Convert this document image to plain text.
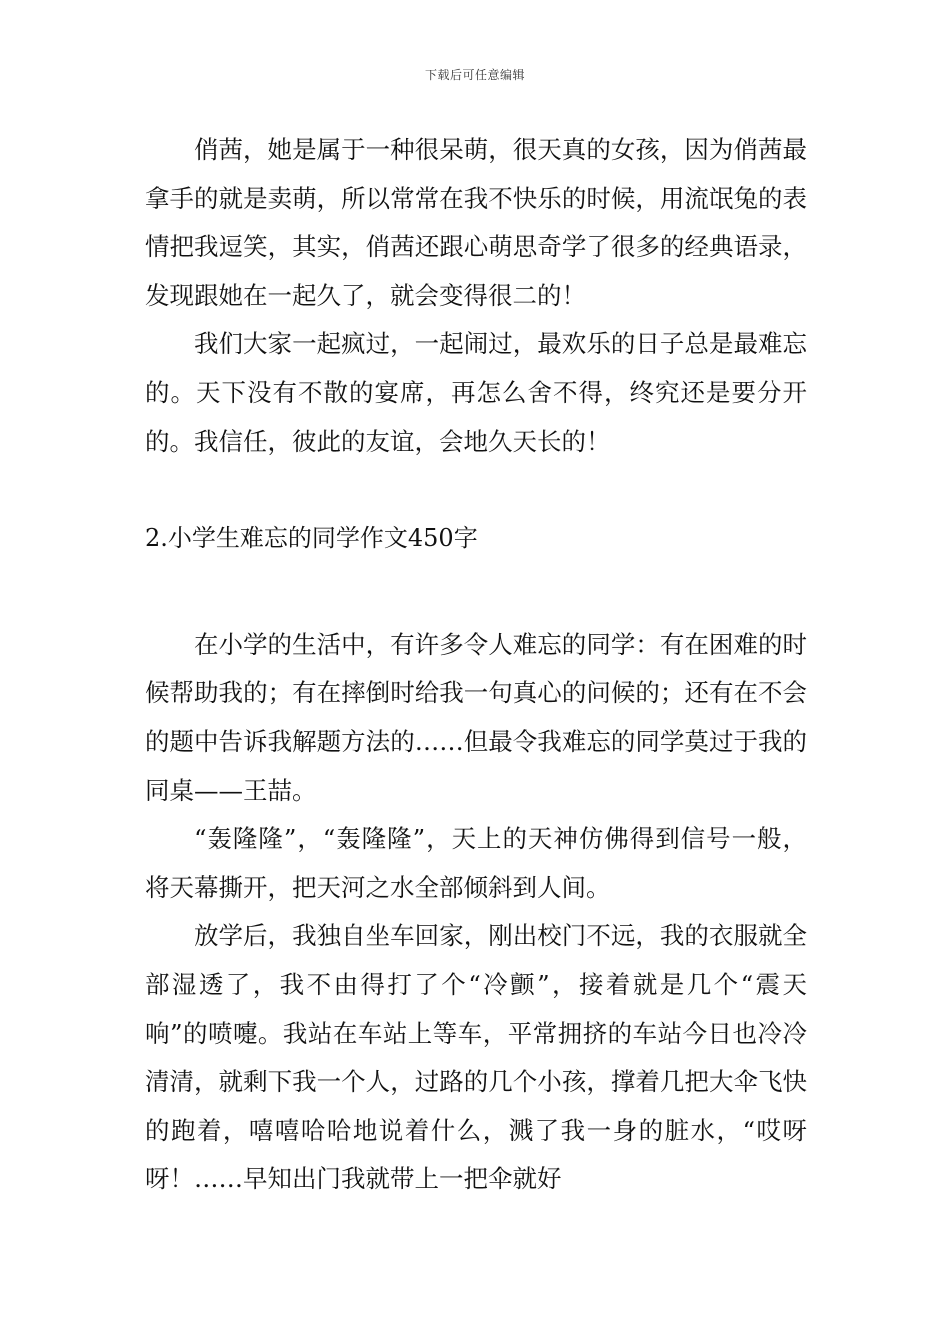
下载后可任意编辑

俏茜，她是属于一种很呆萌，很天真的女孩，因为俏茜最拿手的就是卖萌，所以常常在我不快乐的时候，用流氓兔的表情把我逗笑，其实，俏茜还跟心萌思奇学了很多的经典语录，发现跟她在一起久了，就会变得很二的！

我们大家一起疯过，一起闹过，最欢乐的日子总是最难忘的。天下没有不散的宴席，再怎么舍不得，终究还是要分开的。我信任，彼此的友谊，会地久天长的！

2.小学生难忘的同学作文450字

在小学的生活中，有许多令人难忘的同学：有在困难的时候帮助我的；有在摔倒时给我一句真心的问候的；还有在不会的题中告诉我解题方法的……但最令我难忘的同学莫过于我的同桌——王喆。

“轰隆隆”，“轰隆隆”，天上的天神仿佛得到信号一般，将天幕撕开，把天河之水全部倾斜到人间。

放学后，我独自坐车回家，刚出校门不远，我的衣服就全部湿透了，我不由得打了个“冷颤”，接着就是几个“震天响”的喷嚏。我站在车站上等车，平常拥挤的车站今日也冷冷清清，就剩下我一个人，过路的几个小孩，撑着几把大伞飞快的跑着，嘻嘻哈哈地说着什么，溅了我一身的脏水，“哎呀呀！……早知出门我就带上一把伞就好
